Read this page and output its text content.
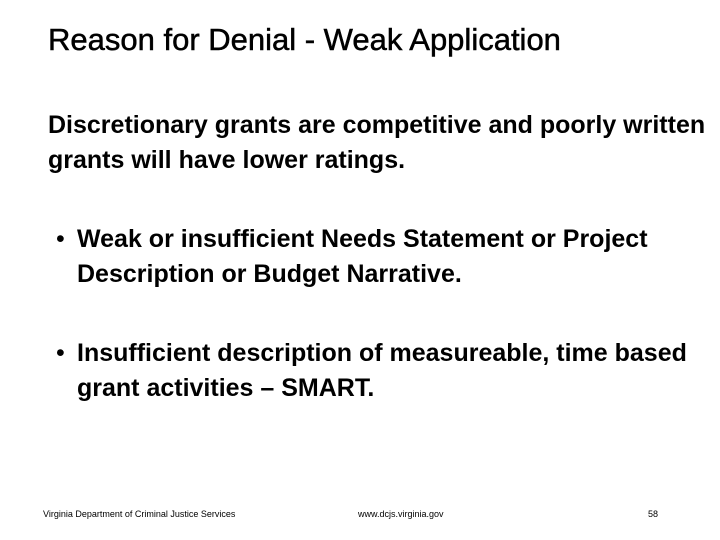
Reason for Denial - Weak Application
Discretionary grants are competitive and poorly written grants will have lower ratings.
• Weak or insufficient Needs Statement or Project Description or Budget Narrative.
• Insufficient description of measureable, time based grant activities – SMART.
Virginia Department of Criminal Justice Services	www.dcjs.virginia.gov	58
